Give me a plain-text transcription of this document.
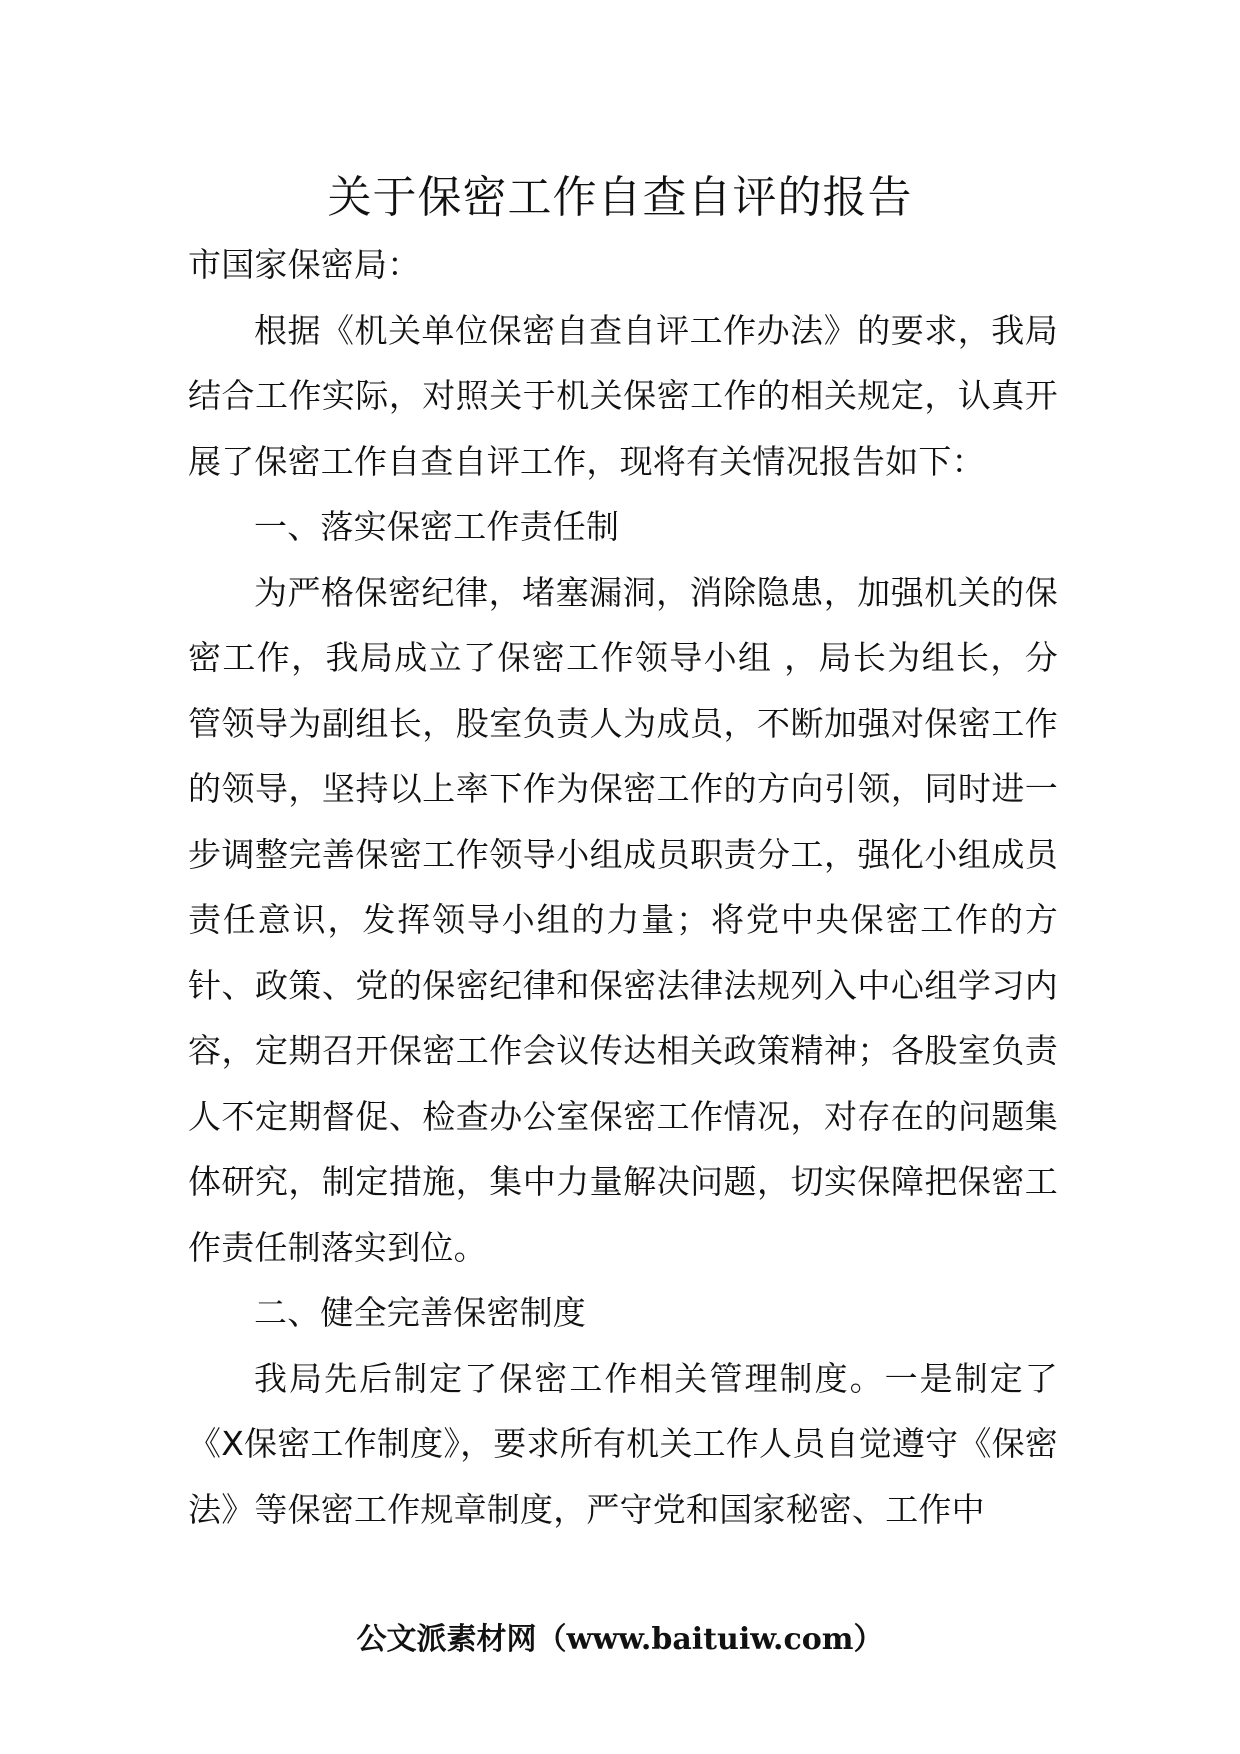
关于保密工作自查自评的报告

市国家保密局：

根据《机关单位保密自查自评工作办法》的要求，我局结合工作实际，对照关于机关保密工作的相关规定，认真开展了保密工作自查自评工作，现将有关情况报告如下：

一、落实保密工作责任制

为严格保密纪律，堵塞漏洞，消除隐患，加强机关的保密工作，我局成立了保密工作领导小组 ，局长为组长，分管领导为副组长，股室负责人为成员，不断加强对保密工作的领导，坚持以上率下作为保密工作的方向引领，同时进一步调整完善保密工作领导小组成员职责分工，强化小组成员责任意识，发挥领导小组的力量；将党中央保密工作的方针、政策、党的保密纪律和保密法律法规列入中心组学习内容，定期召开保密工作会议传达相关政策精神；各股室负责人不定期督促、检查办公室保密工作情况，对存在的问题集体研究，制定措施，集中力量解决问题，切实保障把保密工作责任制落实到位。

二、健全完善保密制度

我局先后制定了保密工作相关管理制度。一是制定了《X保密工作制度》，要求所有机关工作人员自觉遵守《保密法》等保密工作规章制度，严守党和国家秘密、工作中

公文派素材网（www.baituiw.com）
